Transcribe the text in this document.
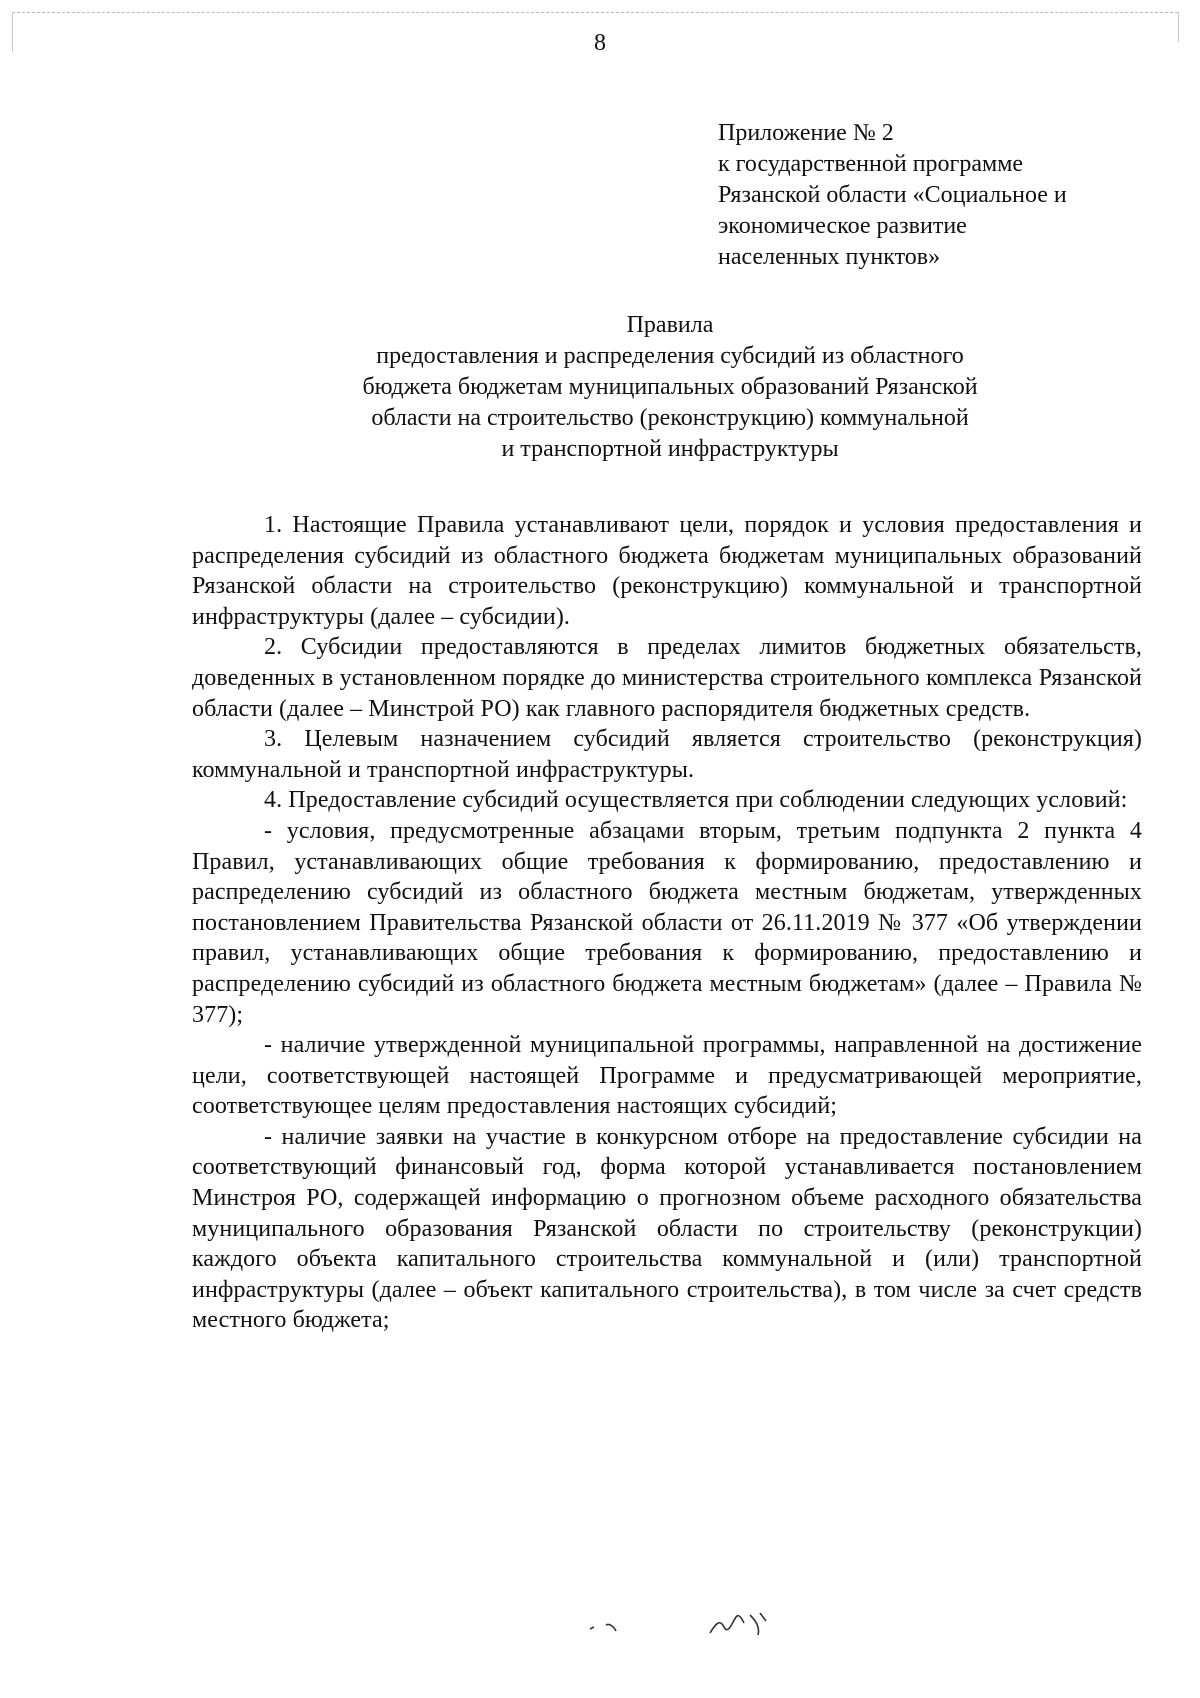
8
Приложение № 2
к государственной программе
Рязанской области «Социальное и
экономическое развитие
населенных пунктов»
Правила
предоставления и распределения субсидий из областного
бюджета бюджетам муниципальных образований Рязанской
области на строительство (реконструкцию) коммунальной
и транспортной инфраструктуры

1. Настоящие Правила устанавливают цели, порядок и условия предоставления и распределения субсидий из областного бюджета бюджетам муниципальных образований Рязанской области на строительство (реконструкцию) коммунальной и транспортной инфраструктуры (далее – субсидии).

2. Субсидии предоставляются в пределах лимитов бюджетных обязательств, доведенных в установленном порядке до министерства строительного комплекса Рязанской области (далее – Минстрой РО) как главного распорядителя бюджетных средств.

3. Целевым назначением субсидий является строительство (реконструкция) коммунальной и транспортной инфраструктуры.

4. Предоставление субсидий осуществляется при соблюдении следующих условий:

- условия, предусмотренные абзацами вторым, третьим подпункта 2 пункта 4 Правил, устанавливающих общие требования к формированию, предоставлению и распределению субсидий из областного бюджета местным бюджетам, утвержденных постановлением Правительства Рязанской области от 26.11.2019 № 377 «Об утверждении правил, устанавливающих общие требования к формированию, предоставлению и распределению субсидий из областного бюджета местным бюджетам» (далее – Правила № 377);

- наличие утвержденной муниципальной программы, направленной на достижение цели, соответствующей настоящей Программе и предусматривающей мероприятие, соответствующее целям предоставления настоящих субсидий;

- наличие заявки на участие в конкурсном отборе на предоставление субсидии на соответствующий финансовый год, форма которой устанавливается постановлением Минстроя РО, содержащей информацию о прогнозном объеме расходного обязательства муниципального образования Рязанской области по строительству (реконструкции) каждого объекта капитального строительства коммунальной и (или) транспортной инфраструктуры (далее – объект капитального строительства), в том числе за счет средств местного бюджета;
